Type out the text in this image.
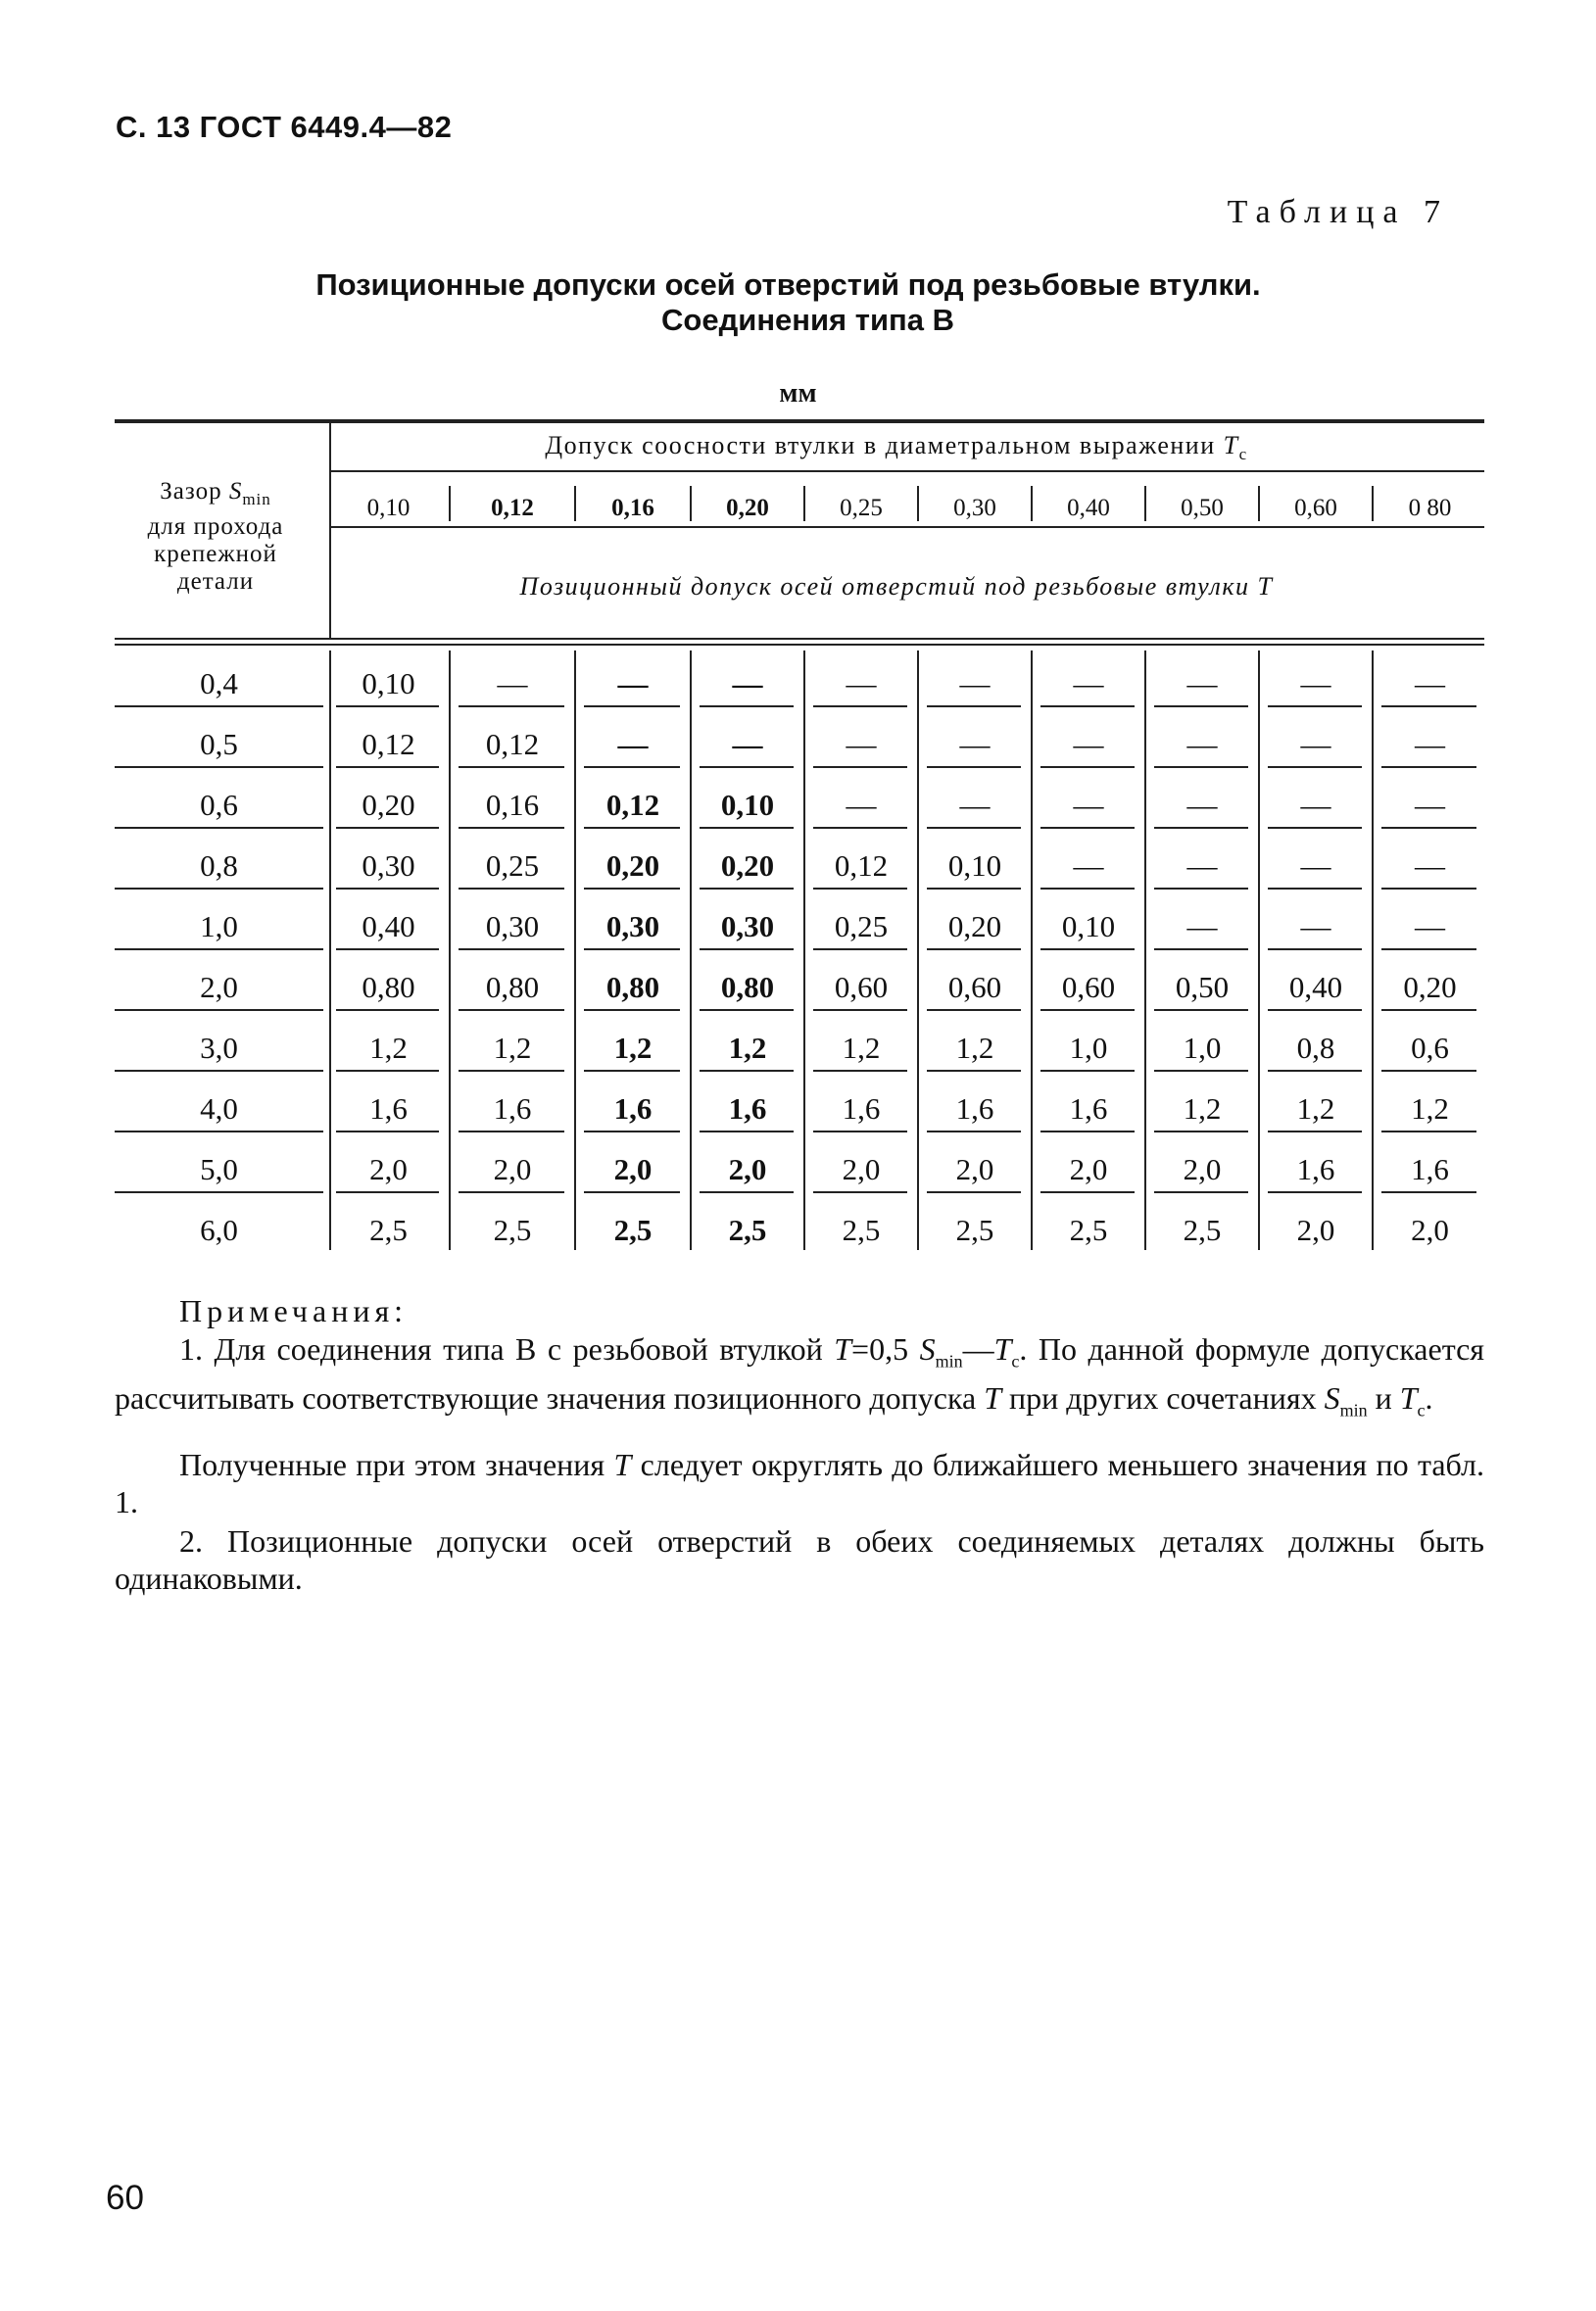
С. 13 ГОСТ 6449.4—82
Таблица 7
Позиционные допуски осей отверстий под резьбовые втулки.
Соединения типа В
мм
Зазор $S_{min}$
для прохода крепежной детали
Допуск соосности втулки в диаметральном выражении $T_c$
0,10	0,12	0,16	0,20	0,25	0,30	0,40	0,50	0,60	0 80
Позиционный допуск осей отверстий под резьбовые втулки T
0,4	0,10	—	—	—	—	—	—	—	—	—
0,5	0,12	0,12	—	—	—	—	—	—	—	—
0,6	0,20	0,16	0,12	0,10	—	—	—	—	—	—
0,8	0,30	0,25	0,20	0,20	0,12	0,10	—	—	—	—
1,0	0,40	0,30	0,30	0,30	0,25	0,20	0,10	—	—	—
2,0	0,80	0,80	0,80	0,80	0,60	0,60	0,60	0,50	0,40	0,20
3,0	1,2	1,2	1,2	1,2	1,2	1,2	1,0	1,0	0,8	0,6
4,0	1,6	1,6	1,6	1,6	1,6	1,6	1,6	1,2	1,2	1,2
5,0	2,0	2,0	2,0	2,0	2,0	2,0	2,0	2,0	1,6	1,6
6,0	2,5	2,5	2,5	2,5	2,5	2,5	2,5	2,5	2,0	2,0
Примечания:
1. Для соединения типа В с резьбовой втулкой T=0,5 $S_{min}—T_c$. По данной формуле допускается рассчитывать соответствующие значения позиционного допуска T при других сочетаниях $S_{min}$ и $T_c$.
Полученные при этом значения T следует округлять до ближайшего меньшего значения по табл. 1.
2. Позиционные допуски осей отверстий в обеих соединяемых деталях должны быть одинаковыми.
60
